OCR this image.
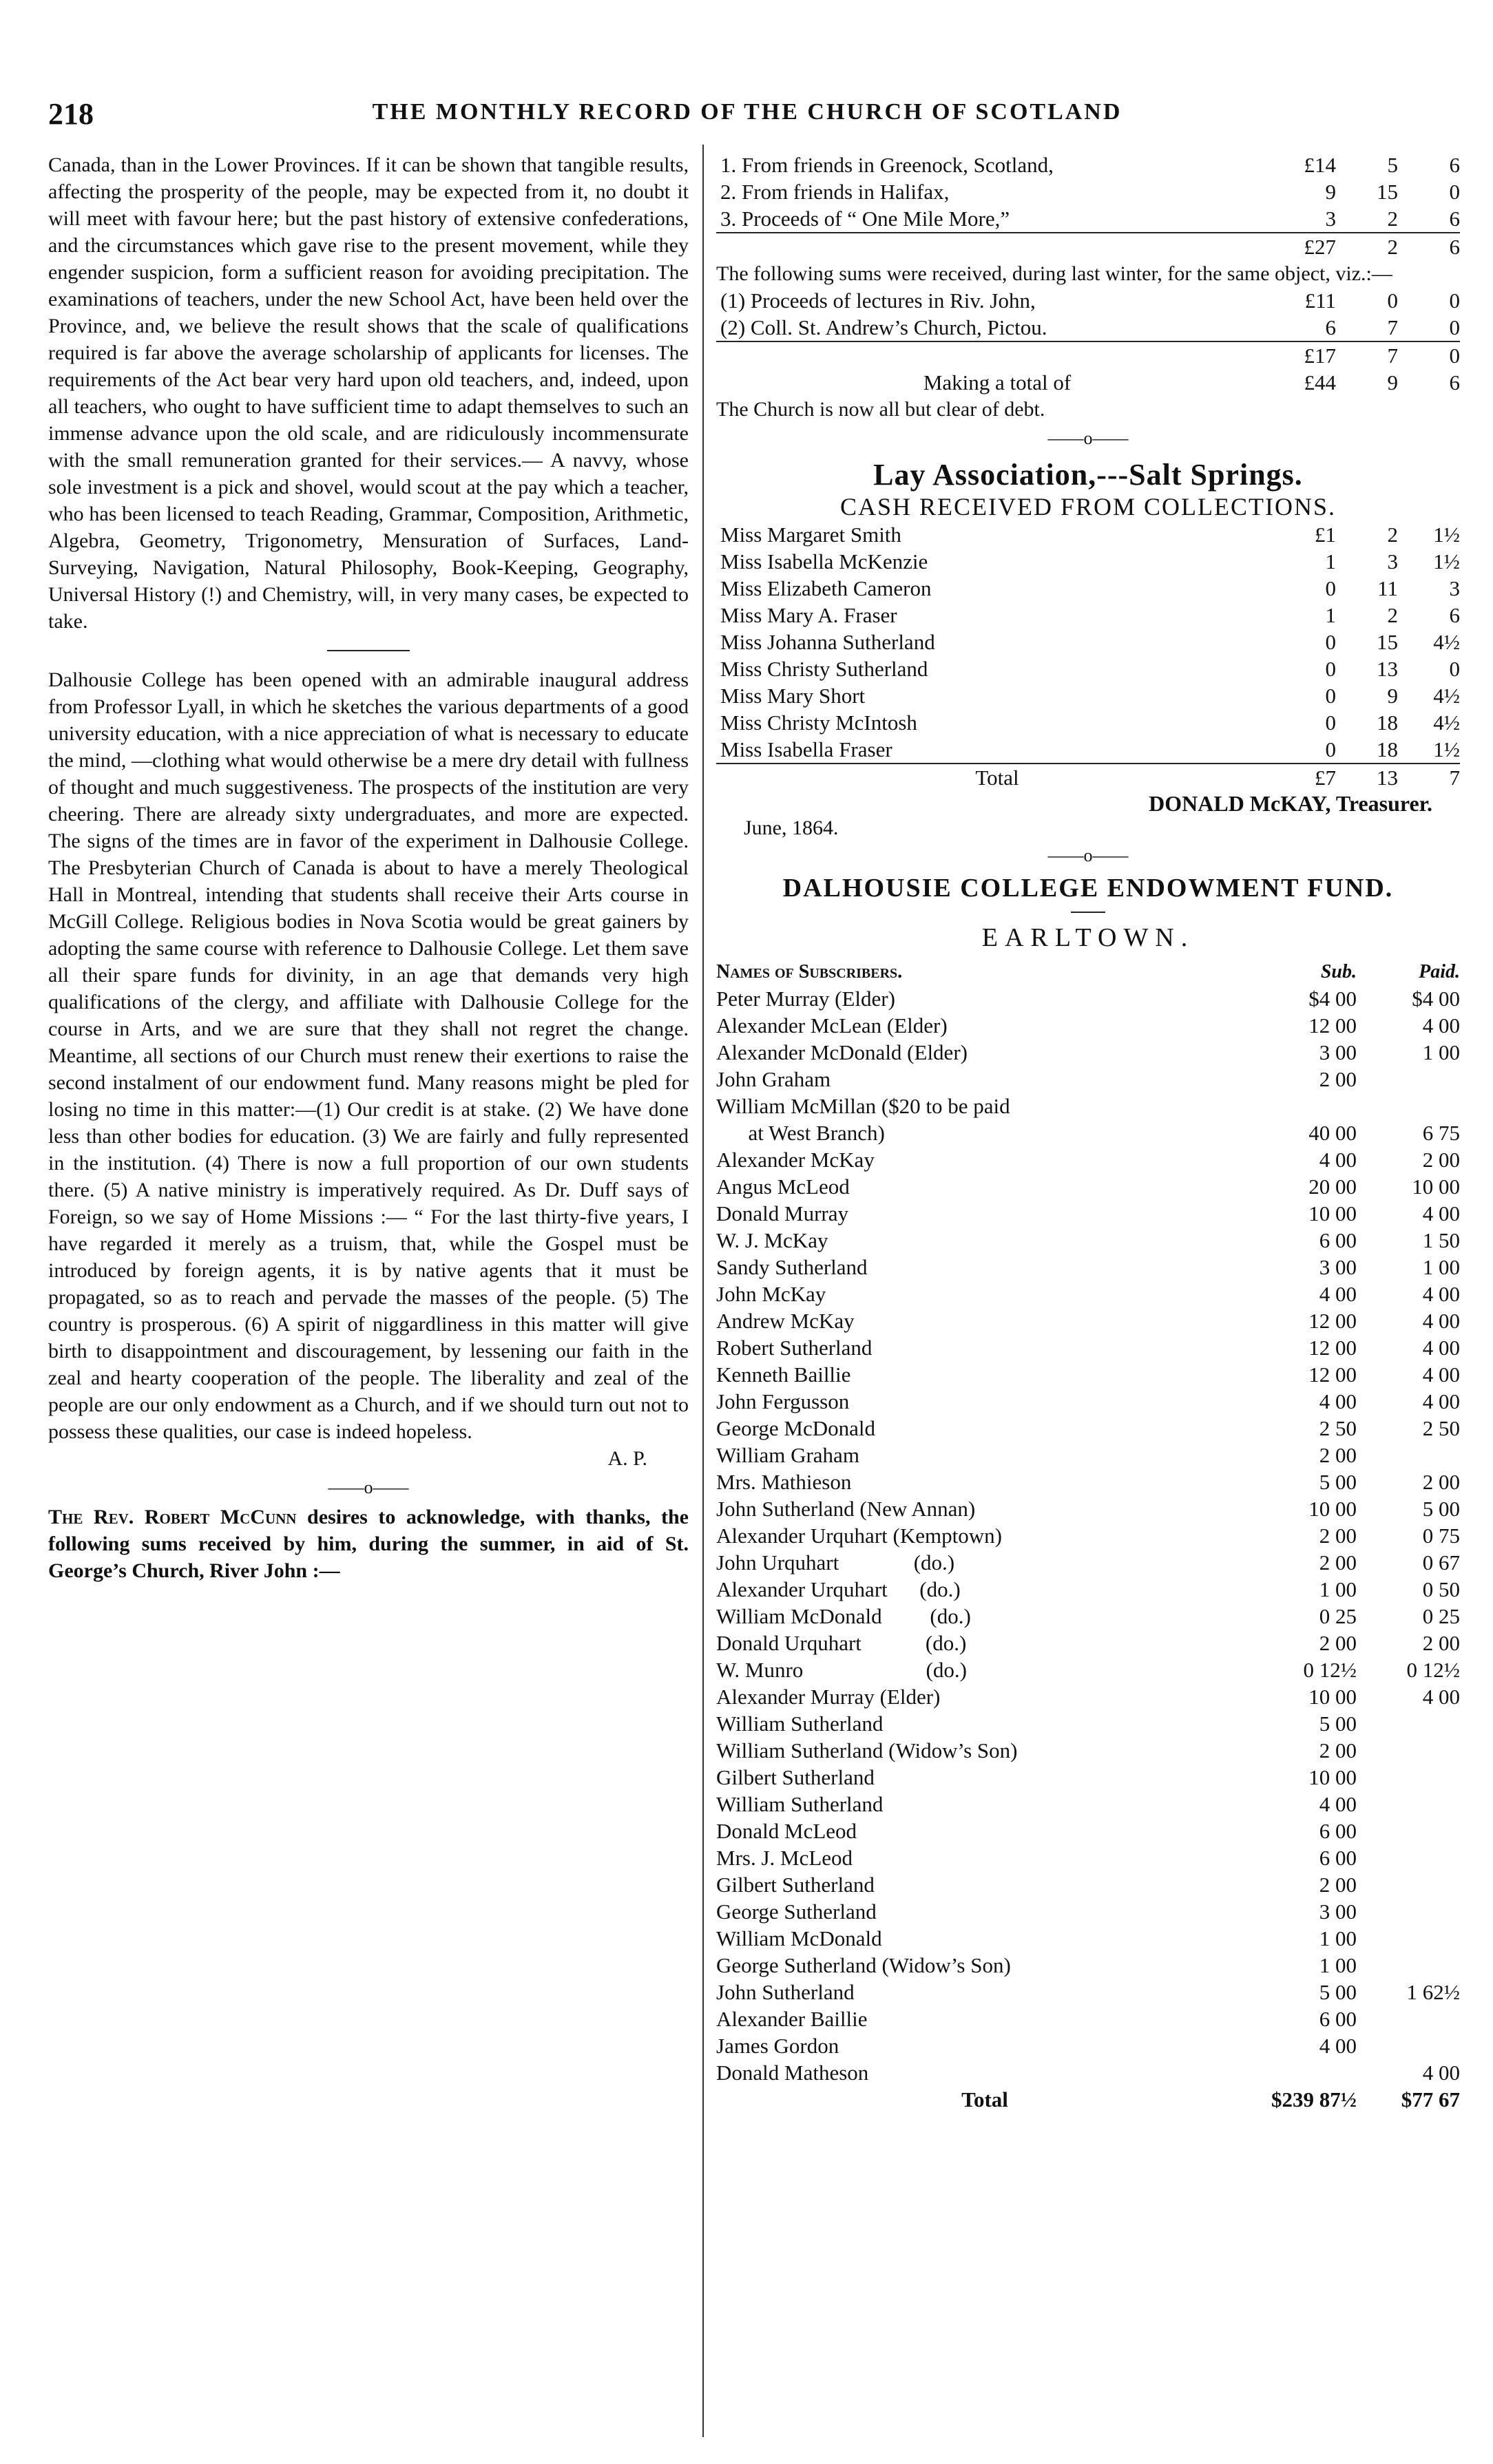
218	THE MONTHLY RECORD OF THE CHURCH OF SCOTLAND

Canada, than in the Lower Provinces. If it can be shown that tangible results, affecting the prosperity of the people, may be expected from it, no doubt it will meet with favour here; but the past history of extensive confederations, and the circumstances which gave rise to the present movement, while they engender suspicion, form a sufficient reason for avoiding precipitation. The examinations of teachers, under the new School Act, have been held over the Province, and, we believe the result shows that the scale of qualifications required is far above the average scholarship of applicants for licenses. The requirements of the Act bear very hard upon old teachers, and, indeed, upon all teachers, who ought to have sufficient time to adapt themselves to such an immense advance upon the old scale, and are ridiculously incommensurate with the small remuneration granted for their services.— A navvy, whose sole investment is a pick and shovel, would scout at the pay which a teacher, who has been licensed to teach Reading, Grammar, Composition, Arithmetic, Algebra, Geometry, Trigonometry, Mensuration of Surfaces, Land-Surveying, Navigation, Natural Philosophy, Book-Keeping, Geography, Universal History (!) and Chemistry, will, in very many cases, be expected to take.

Dalhousie College has been opened with an admirable inaugural address from Professor Lyall, in which he sketches the various departments of a good university education, with a nice appreciation of what is necessary to educate the mind, —clothing what would otherwise be a mere dry detail with fullness of thought and much suggestiveness. The prospects of the institution are very cheering. There are already sixty undergraduates, and more are expected. The signs of the times are in favor of the experiment in Dalhousie College. The Presbyterian Church of Canada is about to have a merely Theological Hall in Montreal, intending that students shall receive their Arts course in McGill College. Religious bodies in Nova Scotia would be great gainers by adopting the same course with reference to Dalhousie College. Let them save all their spare funds for divinity, in an age that demands very high qualifications of the clergy, and affiliate with Dalhousie College for the course in Arts, and we are sure that they shall not regret the change. Meantime, all sections of our Church must renew their exertions to raise the second instalment of our endowment fund. Many reasons might be pled for losing no time in this matter:—(1) Our credit is at stake. (2) We have done less than other bodies for education. (3) We are fairly and fully represented in the institution. (4) There is now a full proportion of our own students there. (5) A native ministry is imperatively required. As Dr. Duff says of Foreign, so we say of Home Missions :— “ For the last thirty-five years, I have regarded it merely as a truism, that, while the Gospel must be introduced by foreign agents, it is by native agents that it must be propagated, so as to reach and pervade the masses of the people. (5) The country is prosperous. (6) A spirit of niggardliness in this matter will give birth to disappointment and discouragement, by lessening our faith in the zeal and hearty cooperation of the people. The liberality and zeal of the people are our only endowment as a Church, and if we should turn out not to possess these qualities, our case is indeed hopeless.

A. P.

——o——

The Rev. Robert McCunn desires to acknowledge, with thanks, the following sums received by him, during the summer, in aid of St. George’s Church, River John :—

1. From friends in Greenock, Scotland,	£14	5	6
2. From friends in Halifax,	9	15	0
3. Proceeds of “ One Mile More,”	3	2	6
	£27	2	6

The following sums were received, during last winter, for the same object, viz.:—

(1) Proceeds of lectures in Riv. John,	£11	0	0
(2) Coll. St. Andrew’s Church, Pictou.	6	7	0
	£17	7	0
Making a total of	£44	9	6

The Church is now all but clear of debt.

——o——
Lay Association,---Salt Springs.
CASH RECEIVED FROM COLLECTIONS.
Miss Margaret Smith	£1	2	1½
Miss Isabella McKenzie	1	3	1½
Miss Elizabeth Cameron	0	11	3
Miss Mary A. Fraser	1	2	6
Miss Johanna Sutherland	0	15	4½
Miss Christy Sutherland	0	13	0
Miss Mary Short	0	9	4½
Miss Christy McIntosh	0	18	4½
Miss Isabella Fraser	0	18	1½
Total	£7	13	7
DONALD McKAY, Treasurer.
June, 1864.
——o——
DALHOUSIE COLLEGE ENDOWMENT FUND.
EARLTOWN.
Names of Subscribers.	Sub.	Paid.
Peter Murray (Elder)	$4 00	$4 00
Alexander McLean (Elder)	12 00	4 00
Alexander McDonald (Elder)	3 00	1 00
John Graham	2 00	
William McMillan ($20 to be paid		
at West Branch)	40 00	6 75
Alexander McKay	4 00	2 00
Angus McLeod	20 00	10 00
Donald Murray	10 00	4 00
W. J. McKay	6 00	1 50
Sandy Sutherland	3 00	1 00
John McKay	4 00	4 00
Andrew McKay	12 00	4 00
Robert Sutherland	12 00	4 00
Kenneth Baillie	12 00	4 00
John Fergusson	4 00	4 00
George McDonald	2 50	2 50
William Graham	2 00	
Mrs. Mathieson	5 00	2 00
John Sutherland (New Annan)	10 00	5 00
Alexander Urquhart (Kemptown)	2 00	0 75
John Urquhart              (do.)	2 00	0 67
Alexander Urquhart      (do.)	1 00	0 50
William McDonald         (do.)	0 25	0 25
Donald Urquhart            (do.)	2 00	2 00
W. Munro                       (do.)	0 12½	0 12½
Alexander Murray (Elder)	10 00	4 00
William Sutherland	5 00	
William Sutherland (Widow’s Son)	2 00	
Gilbert Sutherland	10 00	
William Sutherland	4 00	
Donald McLeod	6 00	
Mrs. J. McLeod	6 00	
Gilbert Sutherland	2 00	
George Sutherland	3 00	
William McDonald	1 00	
George Sutherland (Widow’s Son)	1 00	
John Sutherland	5 00	1 62½
Alexander Baillie	6 00	
James Gordon	4 00	
Donald Matheson		4 00
Total	$239 87½	$77 67
